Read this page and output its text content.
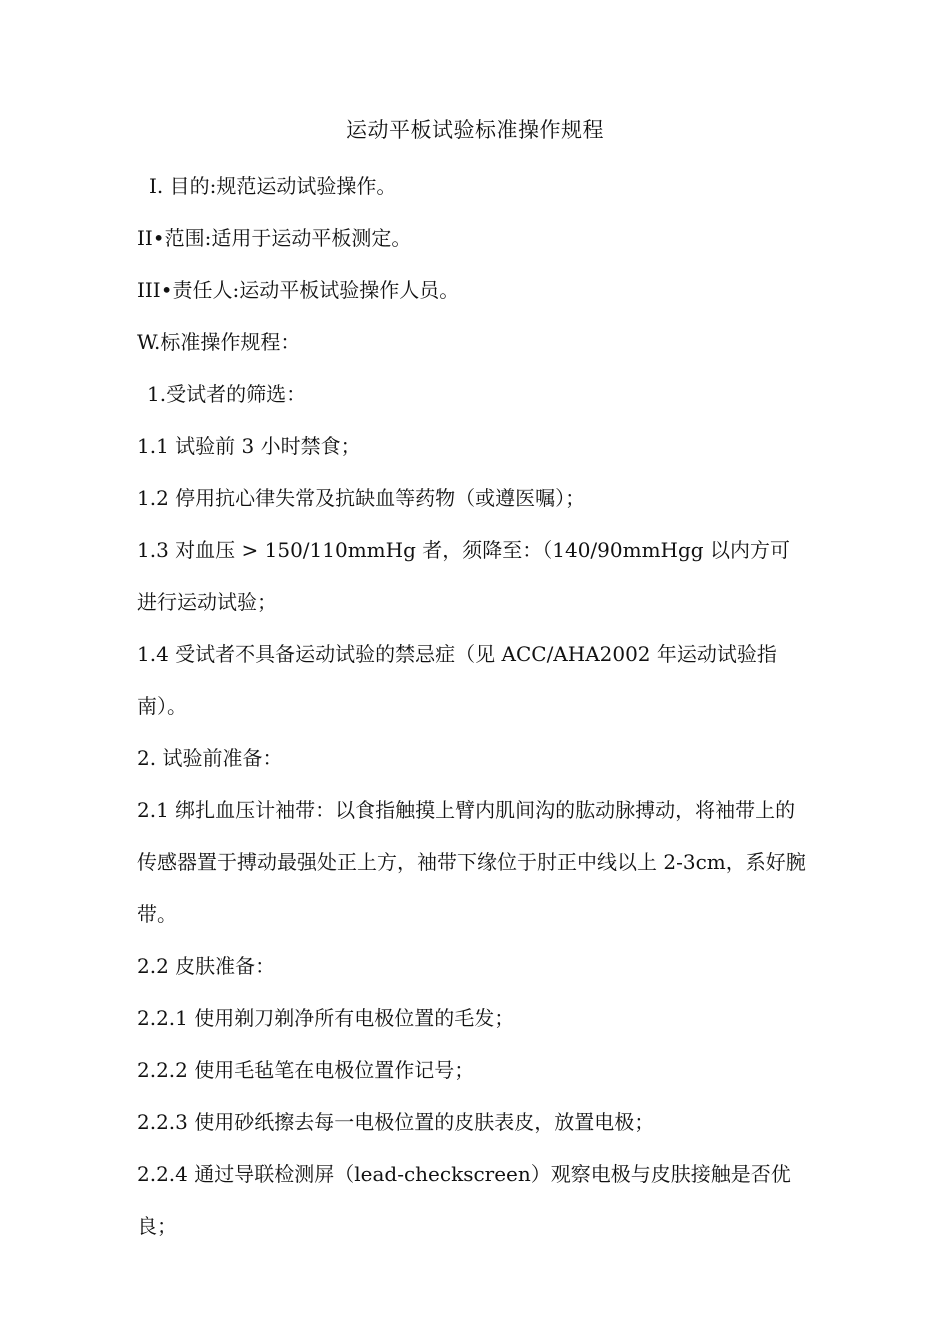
运动平板试验标准操作规程

I. 目的:规范运动试验操作。

II•范围:适用于运动平板测定。

III•责任人:运动平板试验操作人员。

W.标准操作规程：

1.受试者的筛选：

1.1 试验前 3 小时禁食；

1.2 停用抗心律失常及抗缺血等药物（或遵医嘱）；

1.3 对血压 > 150/110mmHg 者，须降至：（140/90mmHgg 以内方可进行运动试验；

1.4 受试者不具备运动试验的禁忌症（见 ACC/AHA2002 年运动试验指南）。

2. 试验前准备：

2.1 绑扎血压计袖带：以食指触摸上臂内肌间沟的肱动脉搏动，将袖带上的传感器置于搏动最强处正上方，袖带下缘位于肘正中线以上 2-3cm，系好腕带。

2.2 皮肤准备：

2.2.1 使用剃刀剃净所有电极位置的毛发；

2.2.2 使用毛毡笔在电极位置作记号；

2.2.3 使用砂纸擦去每一电极位置的皮肤表皮，放置电极；

2.2.4 通过导联检测屏（lead-checkscreen）观察电极与皮肤接触是否优良；
